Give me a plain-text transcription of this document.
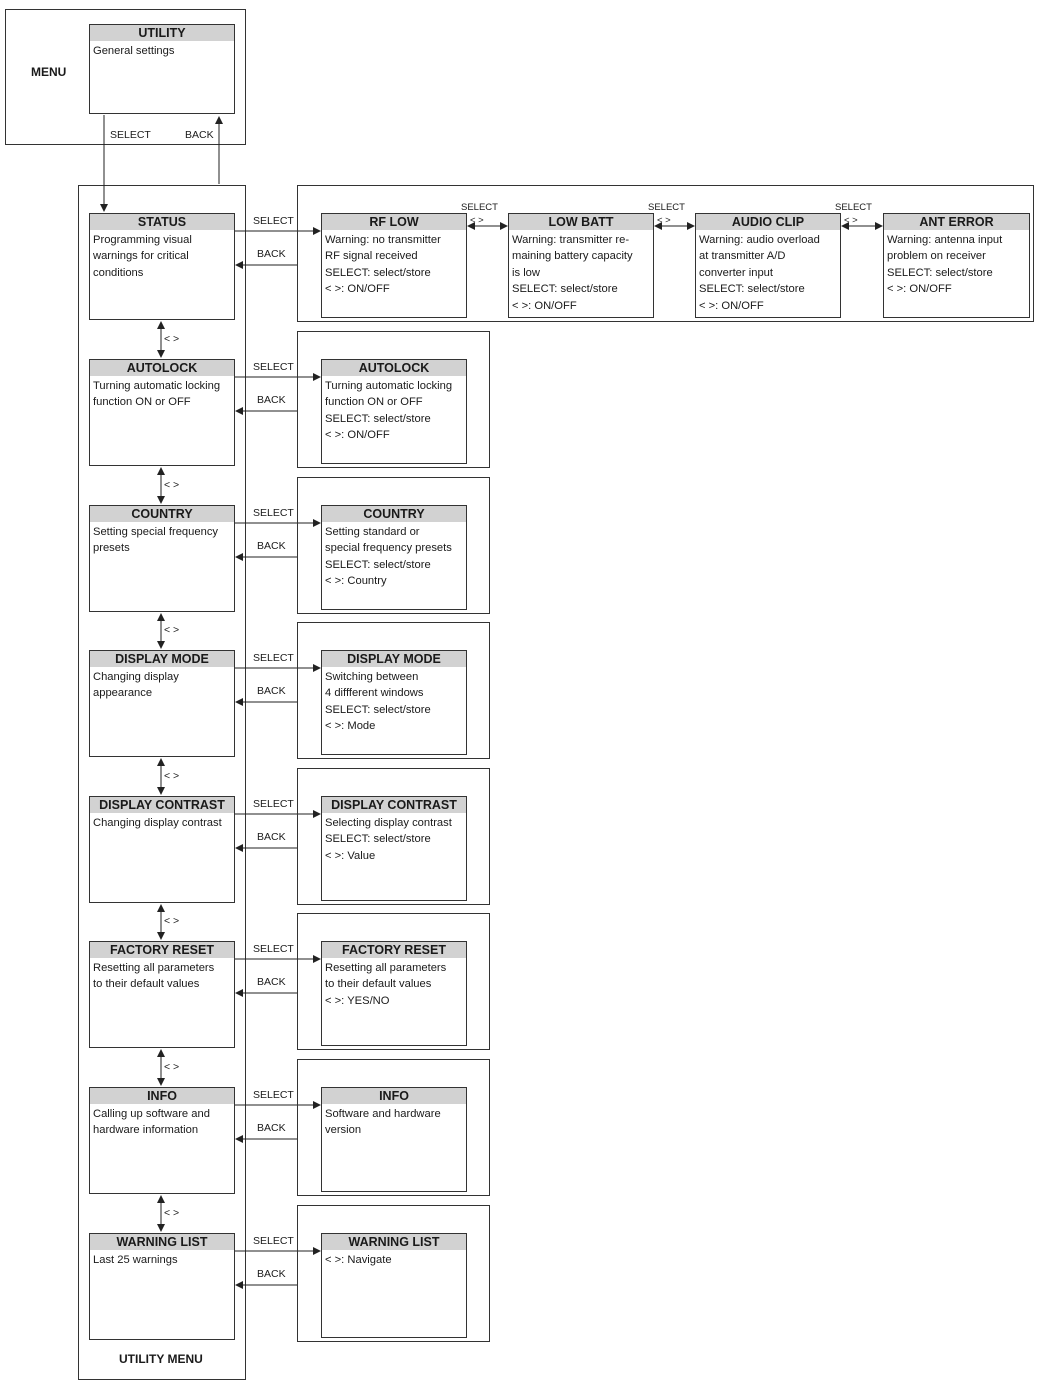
MENU
UTILITY MENU
UTILITY
General settings
SELECT	BACK
STATUS
Programming visual
warnings for critical
conditions
RF LOW
Warning: no transmitter
RF signal received
SELECT: select/store
< >: ON/OFF
LOW BATT
Warning: transmitter re-
maining battery capacity
is low
SELECT: select/store
< >: ON/OFF
SELECT
< >	AUDIO CLIP
Warning: audio overload
at transmitter A/D
converter input
SELECT: select/store
< >: ON/OFF
SELECT
< >	ANT ERROR
Warning: antenna input
problem on receiver
SELECT: select/store
< >: ON/OFF
SELECT
< >
SELECT
BACK
< >
AUTOLOCK
Turning automatic locking
function ON or OFF
AUTOLOCK
Turning automatic locking
function ON or OFF
SELECT: select/store
< >: ON/OFF
SELECT
BACK
< >
COUNTRY
Setting special frequency
presets
COUNTRY
Setting standard or
special frequency presets
SELECT: select/store
< >: Country
SELECT
BACK
< >
DISPLAY MODE
Changing display
appearance
DISPLAY MODE
Switching between
4 diffferent windows
SELECT: select/store
< >: Mode
SELECT
BACK
< >
DISPLAY CONTRAST
Changing display contrast
DISPLAY CONTRAST
Selecting display contrast
SELECT: select/store
< >: Value
SELECT
BACK
< >
FACTORY RESET
Resetting all parameters
to their default values
FACTORY RESET
Resetting all parameters
to their default values
< >: YES/NO
SELECT
BACK
< >
INFO
Calling up software and
hardware information
INFO
Software and hardware
version
SELECT
BACK
< >
WARNING LIST
Last 25 warnings
WARNING LIST
< >: Navigate
SELECT
BACK
